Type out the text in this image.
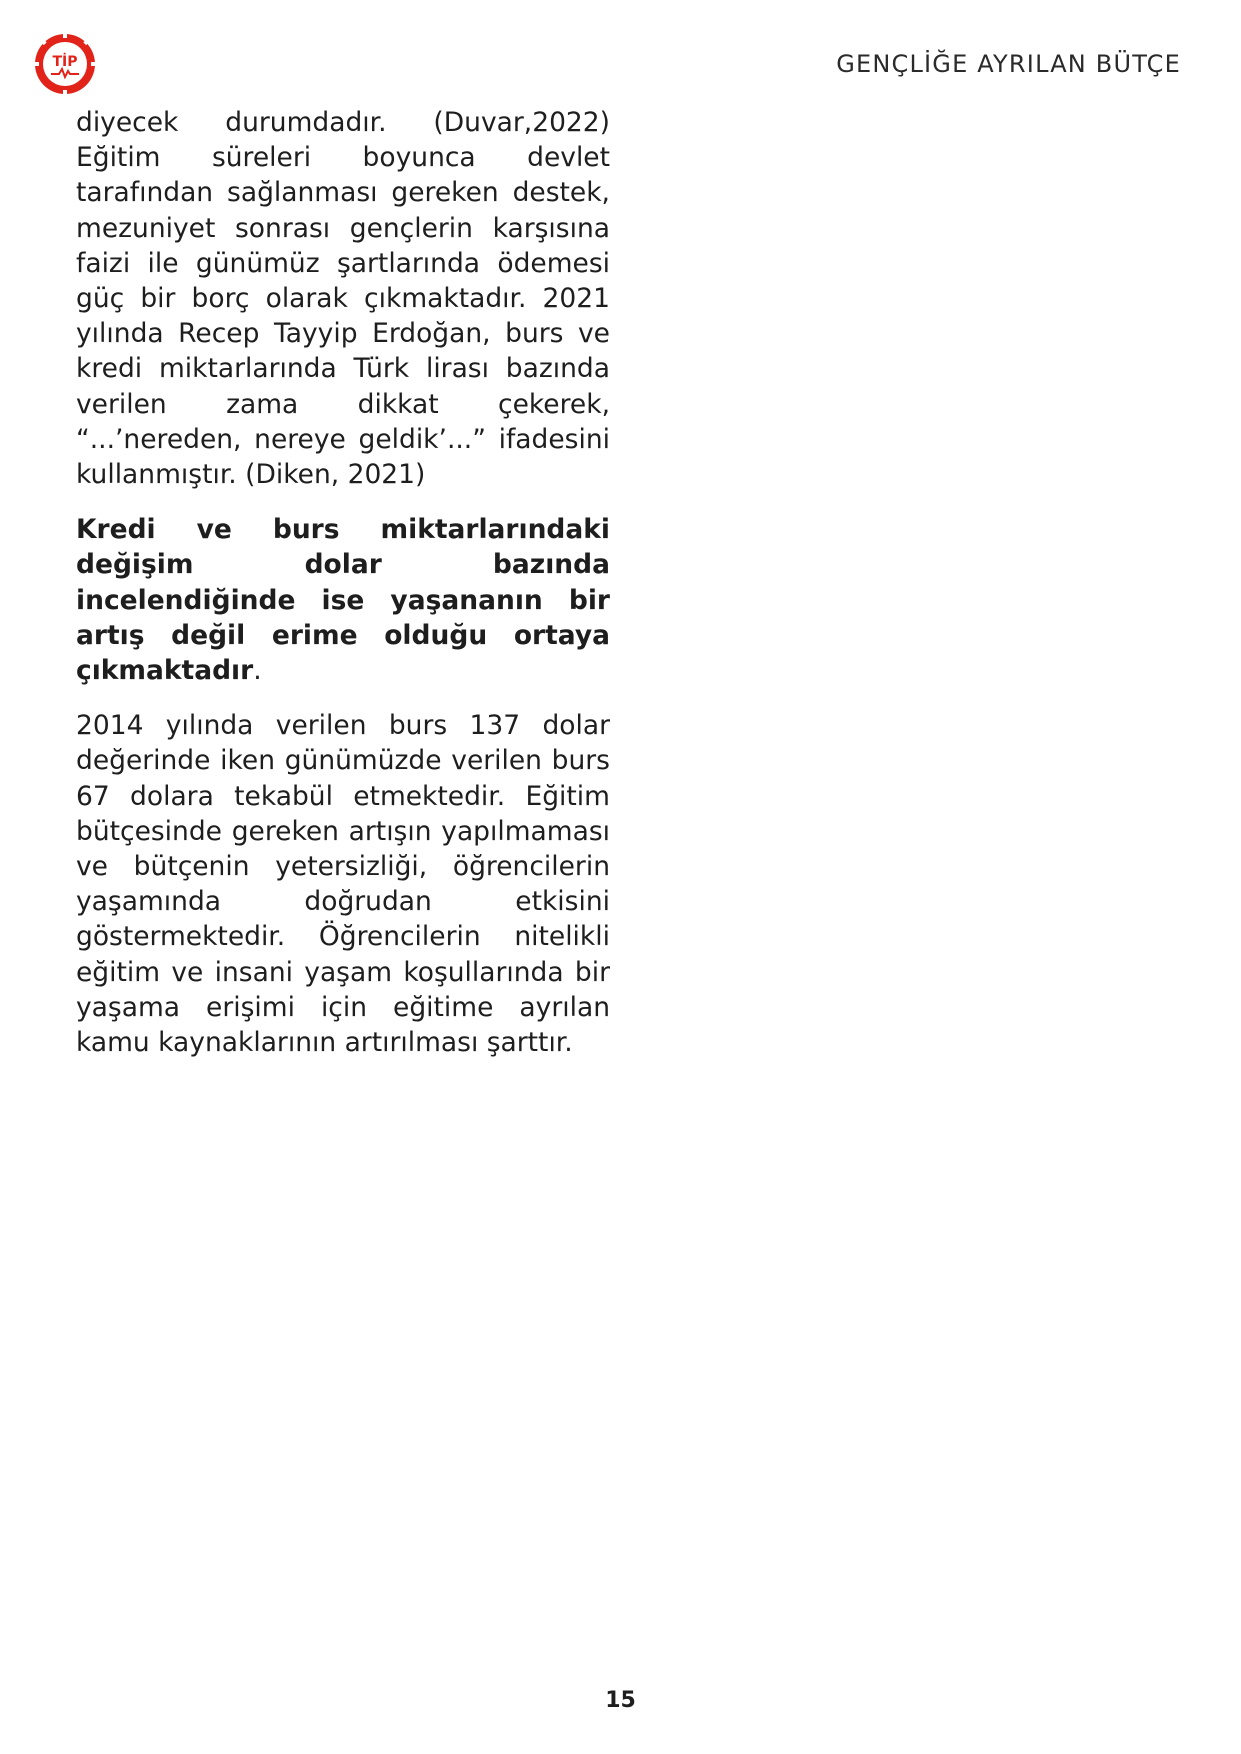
TİP	GENÇLİĞE AYRILAN BÜTÇE

diyecek durumdadır. (Duvar,2022) Eğitim süreleri boyunca devlet tarafından sağlanması gereken destek, mezuniyet sonrası gençlerin karşısına faizi ile günümüz şartlarında ödemesi güç bir borç olarak çıkmaktadır. 2021 yılında Recep Tayyip Erdoğan, burs ve kredi miktarlarında Türk lirası bazında verilen zama dikkat çekerek, “...’nereden, nereye geldik’...” ifadesini kullanmıştır. (Diken, 2021)

Kredi ve burs miktarlarındaki değişim dolar bazında incelendiğinde ise yaşananın bir artış değil erime olduğu ortaya çıkmaktadır.

2014 yılında verilen burs 137 dolar değerinde iken günümüzde verilen burs 67 dolara tekabül etmektedir. Eğitim bütçesinde gereken artışın yapılmaması ve bütçenin yetersizliği, öğrencilerin yaşamında doğrudan etkisini göstermektedir. Öğrencilerin nitelikli eğitim ve insani yaşam koşullarında bir yaşama erişimi için eğitime ayrılan kamu kaynaklarının artırılması şarttır.

15
